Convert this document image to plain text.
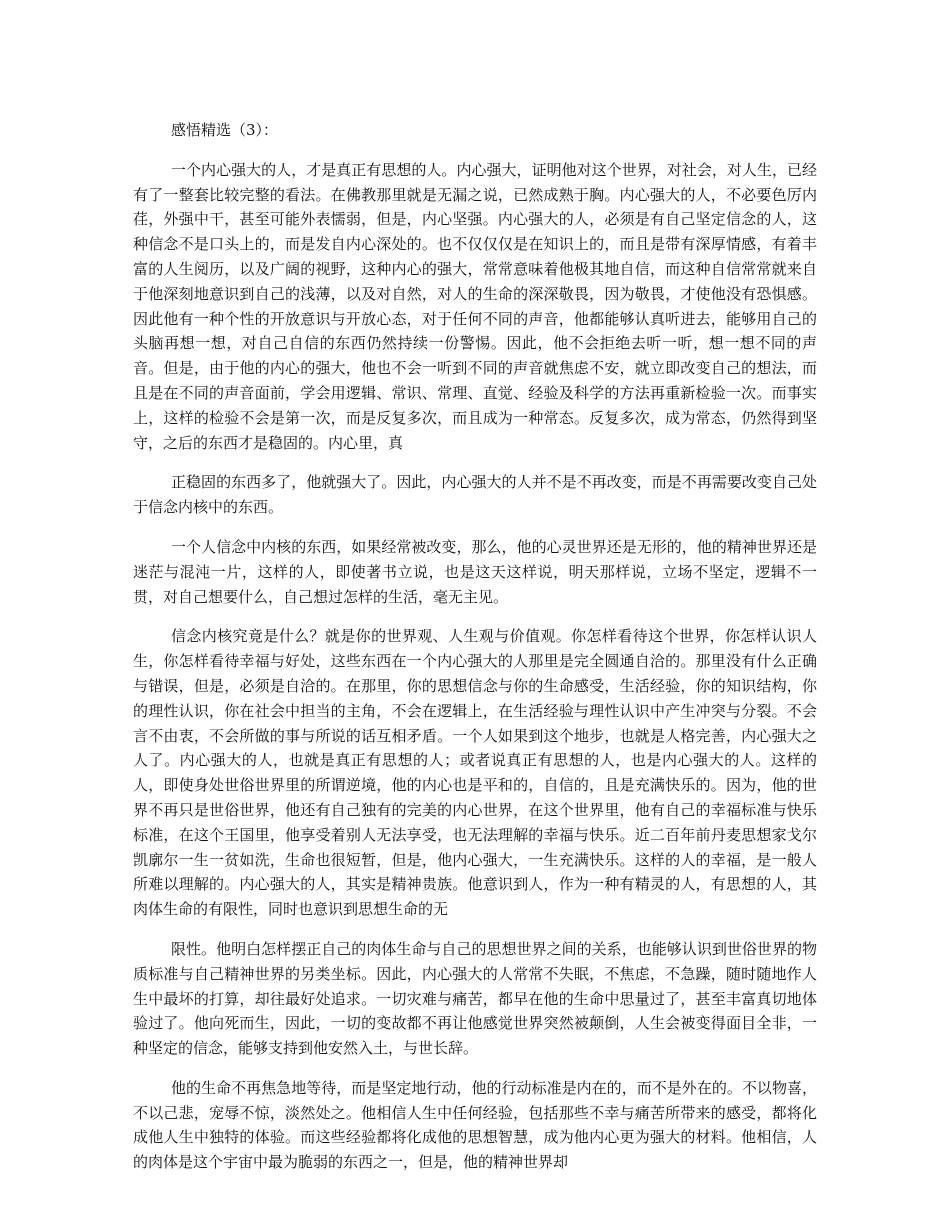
感悟精选（3）：

一个内心强大的人，才是真正有思想的人。内心强大，证明他对这个世界，对社会，对人生，已经有了一整套比较完整的看法。在佛教那里就是无漏之说，已然成熟于胸。内心强大的人，不必要色厉内荏，外强中干，甚至可能外表懦弱，但是，内心坚强。内心强大的人，必须是有自己坚定信念的人，这种信念不是口头上的，而是发自内心深处的。也不仅仅仅是在知识上的，而且是带有深厚情感，有着丰富的人生阅历，以及广阔的视野，这种内心的强大，常常意味着他极其地自信，而这种自信常常就来自于他深刻地意识到自己的浅薄，以及对自然，对人的生命的深深敬畏，因为敬畏，才使他没有恐惧感。因此他有一种个性的开放意识与开放心态，对于任何不同的声音，他都能够认真听进去，能够用自己的头脑再想一想，对自己自信的东西仍然持续一份警惕。因此，他不会拒绝去听一听，想一想不同的声音。但是，由于他的内心的强大，他也不会一听到不同的声音就焦虑不安，就立即改变自己的想法，而且是在不同的声音面前，学会用逻辑、常识、常理、直觉、经验及科学的方法再重新检验一次。而事实上，这样的检验不会是第一次，而是反复多次，而且成为一种常态。反复多次，成为常态，仍然得到坚守，之后的东西才是稳固的。内心里，真

正稳固的东西多了，他就强大了。因此，内心强大的人并不是不再改变，而是不再需要改变自己处于信念内核中的东西。

一个人信念中内核的东西，如果经常被改变，那么，他的心灵世界还是无形的，他的精神世界还是迷茫与混沌一片，这样的人，即使著书立说，也是这天这样说，明天那样说，立场不坚定，逻辑不一贯，对自己想要什么，自己想过怎样的生活，毫无主见。

信念内核究竟是什么？就是你的世界观、人生观与价值观。你怎样看待这个世界，你怎样认识人生，你怎样看待幸福与好处，这些东西在一个内心强大的人那里是完全圆通自洽的。那里没有什么正确与错误，但是，必须是自洽的。在那里，你的思想信念与你的生命感受，生活经验，你的知识结构，你的理性认识，你在社会中担当的主角，不会在逻辑上，在生活经验与理性认识中产生冲突与分裂。不会言不由衷，不会所做的事与所说的话互相矛盾。一个人如果到这个地步，也就是人格完善，内心强大之人了。内心强大的人，也就是真正有思想的人；或者说真正有思想的人，也是内心强大的人。这样的人，即使身处世俗世界里的所谓逆境，他的内心也是平和的，自信的，且是充满快乐的。因为，他的世界不再只是世俗世界，他还有自己独有的完美的内心世界，在这个世界里，他有自己的幸福标准与快乐标准，在这个王国里，他享受着别人无法享受，也无法理解的幸福与快乐。近二百年前丹麦思想家戈尔凯廓尔一生一贫如洗，生命也很短暂，但是，他内心强大，一生充满快乐。这样的人的幸福，是一般人所难以理解的。内心强大的人，其实是精神贵族。他意识到人，作为一种有精灵的人，有思想的人，其肉体生命的有限性，同时也意识到思想生命的无

限性。他明白怎样摆正自己的肉体生命与自己的思想世界之间的关系，也能够认识到世俗世界的物质标准与自己精神世界的另类坐标。因此，内心强大的人常常不失眠，不焦虑，不急躁，随时随地作人生中最坏的打算，却往最好处追求。一切灾难与痛苦，都早在他的生命中思量过了，甚至丰富真切地体验过了。他向死而生，因此，一切的变故都不再让他感觉世界突然被颠倒，人生会被变得面目全非，一种坚定的信念，能够支持到他安然入土，与世长辞。

他的生命不再焦急地等待，而是坚定地行动，他的行动标准是内在的，而不是外在的。不以物喜，不以己悲，宠辱不惊，淡然处之。他相信人生中任何经验，包括那些不幸与痛苦所带来的感受，都将化成他人生中独特的体验。而这些经验都将化成他的思想智慧，成为他内心更为强大的材料。他相信，人的肉体是这个宇宙中最为脆弱的东西之一，但是，他的精神世界却
